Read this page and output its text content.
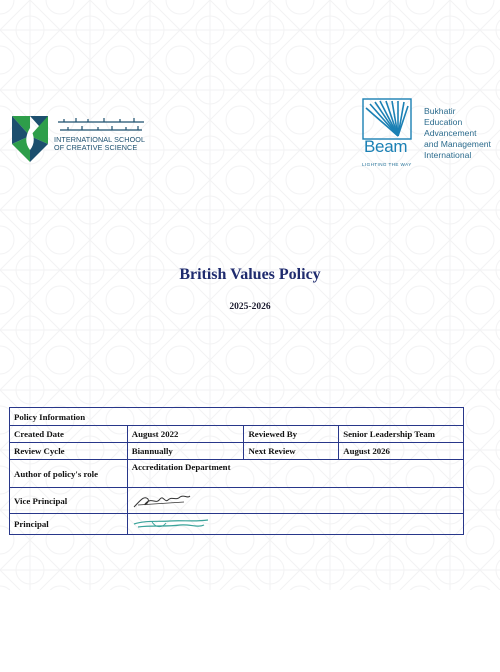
INTERNATIONAL SCHOOL
OF CREATIVE SCIENCE	Beam
LIGHTING THE WAY
Bukhatir
Education
Advancement
and Management
International
British Values Policy
2025-2026
Policy Information			
Created Date	August 2022	Reviewed By	Senior Leadership Team
Review Cycle	Biannually	Next Review	August 2026
Author of policy's role	Accreditation Department		
Vice Principal	

Principal	
